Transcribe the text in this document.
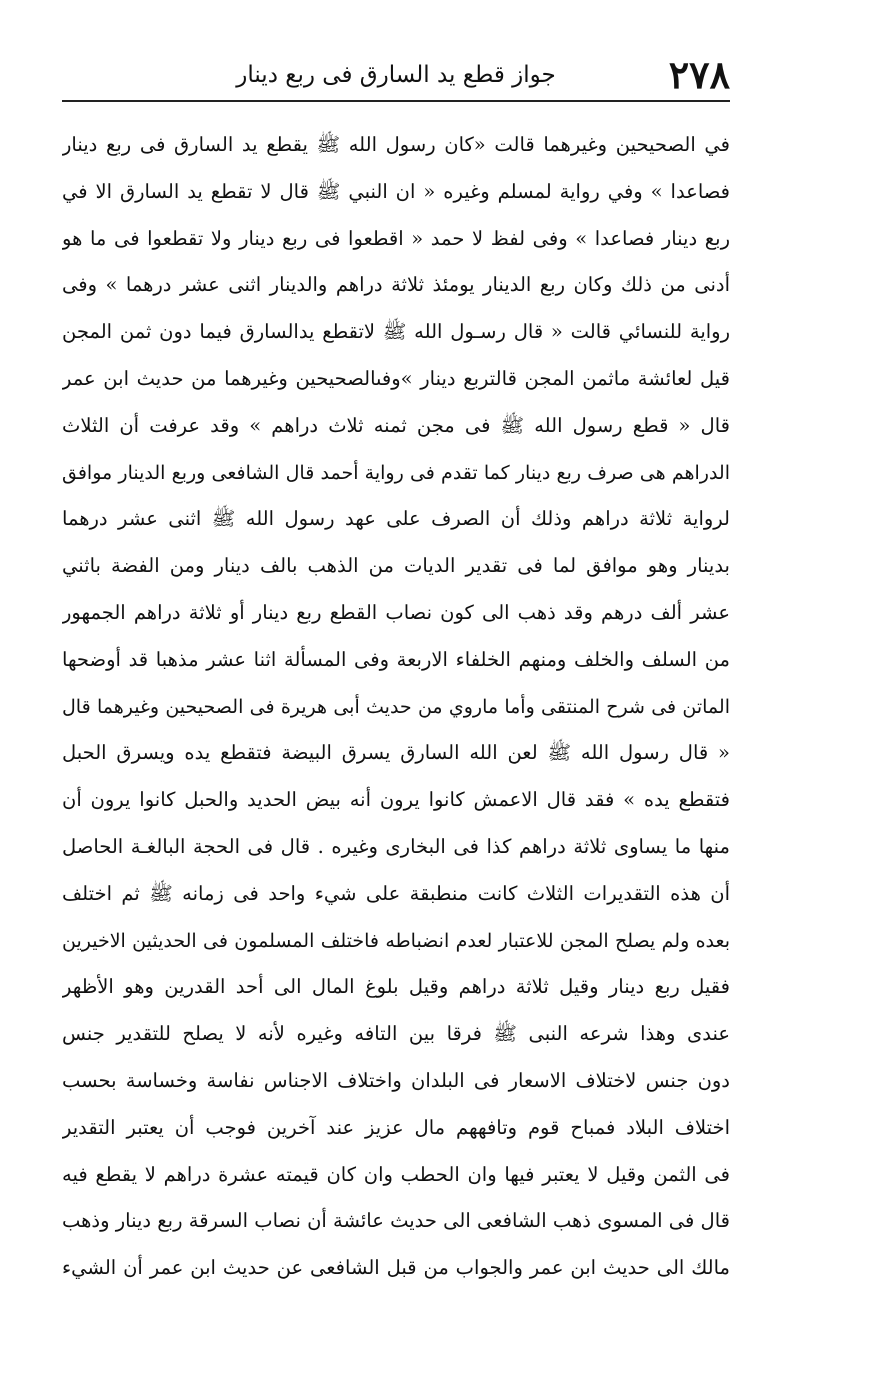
٢٧٨
جواز قطع يد السارق فى ربع دينار
في الصحيحين وغيرهما قالت «كان رسول الله ﷺ يقطع يد السارق فى ربع دينار
فصاعدا » وفي رواية لمسلم وغيره « ان النبي ﷺ قال لا تقطع يد السارق الا في
ربع دينار فصاعدا » وفى لفظ لا حمد « اقطعوا فى ربع دينار ولا تقطعوا فى ما هو
أدنى من ذلك وكان ربع الدينار يومئذ ثلاثة دراهم والدينار اثنى عشر درهما » وفى
رواية للنسائي قالت « قال رسـول الله ﷺ لاتقطع يدالسارق فيما دون ثمن المجن
قيل لعائشة ماثمن المجن قالتربع دينار »وفىالصحيحين وغيرهما من حديث ابن عمر
قال « قطع رسول الله ﷺ فى مجن ثمنه ثلاث دراهم » وقد عرفت أن الثلاث
الدراهم هى صرف ربع دينار كما تقدم فى رواية أحمد قال الشافعى وربع الدينار موافق
لرواية ثلاثة دراهم وذلك أن الصرف على عهد رسول الله ﷺ اثنى عشر درهما
بدينار وهو موافق لما فى تقدير الديات من الذهب بالف دينار ومن الفضة باثني
عشر ألف درهم وقد ذهب الى كون نصاب القطع ربع دينار أو ثلاثة دراهم الجمهور
من السلف والخلف ومنهم الخلفاء الاربعة وفى المسألة اثنا عشر مذهبا قد أوضحها
الماتن فى شرح المنتقى وأما ماروي من حديث أبى هريرة فى الصحيحين وغيرهما قال
« قال رسول الله ﷺ لعن الله السارق يسرق البيضة فتقطع يده ويسرق الحبل
فتقطع يده » فقد قال الاعمش كانوا يرون أنه بيض الحديد والحبل كانوا يرون أن
منها ما يساوى ثلاثة دراهم كذا فى البخارى وغيره . قال فى الحجة البالغـة الحاصل
أن هذه التقديرات الثلاث كانت منطبقة على شيء واحد فى زمانه ﷺ ثم اختلف
بعده ولم يصلح المجن للاعتبار لعدم انضباطه فاختلف المسلمون فى الحديثين الاخيرين
فقيل ربع دينار وقيل ثلاثة دراهم وقيل بلوغ المال الى أحد القدرين وهو الأظهر
عندى وهذا شرعه النبى ﷺ فرقا بين التافه وغيره لأنه لا يصلح للتقدير جنس
دون جنس لاختلاف الاسعار فى البلدان واختلاف الاجناس نفاسة وخساسة بحسب
اختلاف البلاد فمباح قوم وتافههم مال عزيز عند آخرين فوجب أن يعتبر التقدير
فى الثمن وقيل لا يعتبر فيها وان الحطب وان كان قيمته عشرة دراهم لا يقطع فيه
قال فى المسوى ذهب الشافعى الى حديث عائشة أن نصاب السرقة ربع دينار وذهب
مالك الى حديث ابن عمر والجواب من قبل الشافعى عن حديث ابن عمر أن الشيء
